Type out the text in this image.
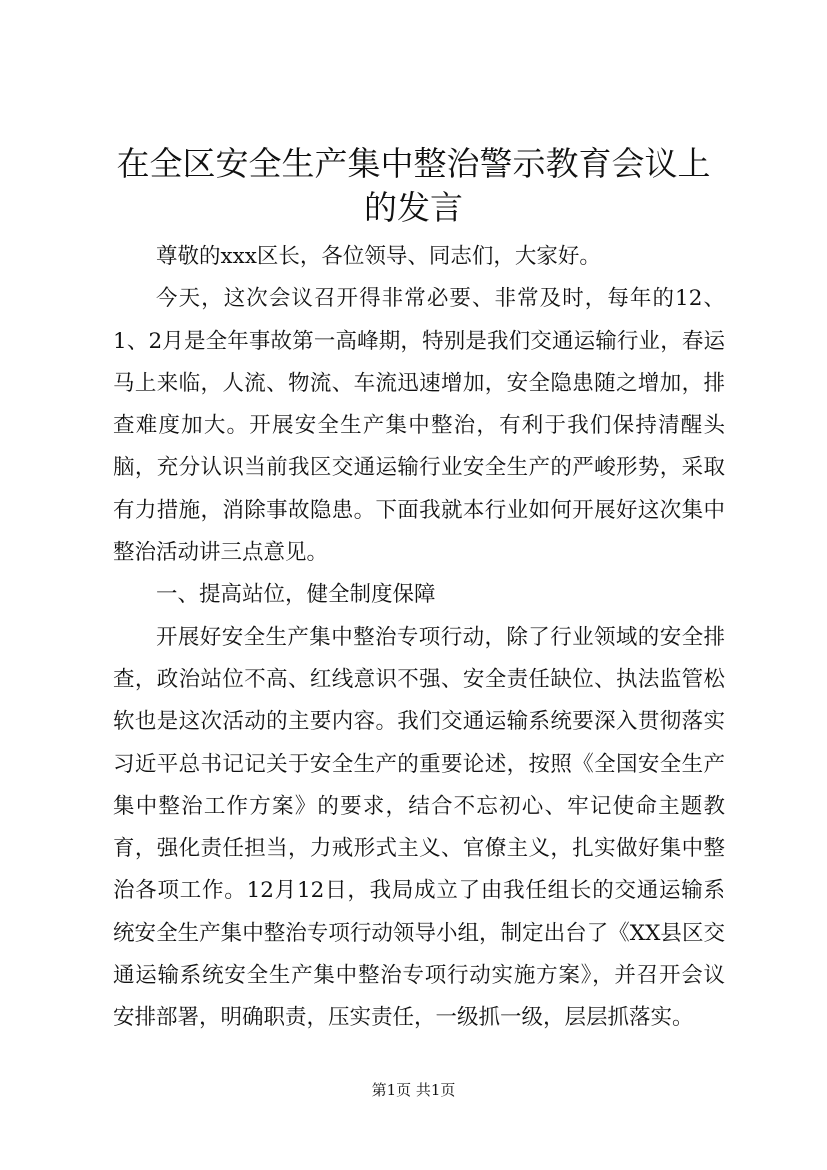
在全区安全生产集中整治警示教育会议上的发言

尊敬的xxx区长，各位领导、同志们，大家好。

今天，这次会议召开得非常必要、非常及时，每年的12、1、2月是全年事故第一高峰期，特别是我们交通运输行业，春运马上来临，人流、物流、车流迅速增加，安全隐患随之增加，排查难度加大。开展安全生产集中整治，有利于我们保持清醒头脑，充分认识当前我区交通运输行业安全生产的严峻形势，采取有力措施，消除事故隐患。下面我就本行业如何开展好这次集中整治活动讲三点意见。

一、提高站位，健全制度保障

开展好安全生产集中整治专项行动，除了行业领域的安全排查，政治站位不高、红线意识不强、安全责任缺位、执法监管松软也是这次活动的主要内容。我们交通运输系统要深入贯彻落实习近平总书记记关于安全生产的重要论述，按照《全国安全生产集中整治工作方案》的要求，结合不忘初心、牢记使命主题教育，强化责任担当，力戒形式主义、官僚主义，扎实做好集中整治各项工作。12月12日，我局成立了由我任组长的交通运输系统安全生产集中整治专项行动领导小组，制定出台了《XX县区交通运输系统安全生产集中整治专项行动实施方案》，并召开会议安排部署，明确职责，压实责任，一级抓一级，层层抓落实。

第1页 共1页
